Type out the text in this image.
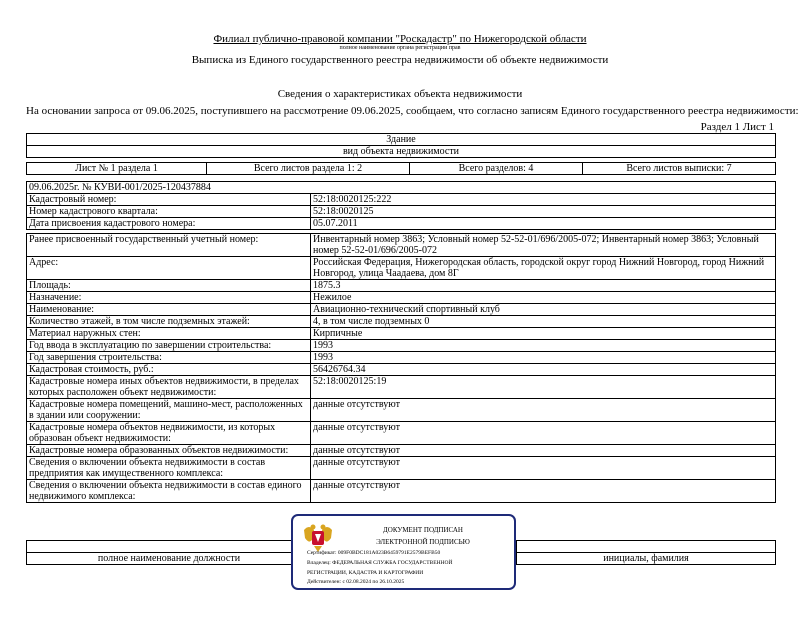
Филиал публично-правовой компании "Роскадастр" по Нижегородской области
полное наименование органа регистрации прав
Выписка из Единого государственного реестра недвижимости об объекте недвижимости
Сведения о характеристиках объекта недвижимости
На основании запроса от 09.06.2025, поступившего на рассмотрение 09.06.2025, сообщаем, что согласно записям Единого государственного реестра недвижимости:
Раздел 1 Лист 1
Здание
вид объекта недвижимости
Лист № 1 раздела 1	Всего листов раздела 1: 2	Всего разделов: 4	Всего листов выписки: 7
09.06.2025г. № КУВИ-001/2025-120437884	
Кадастровый номер:	52:18:0020125:222
Номер кадастрового квартала:	52:18:0020125
Дата присвоения кадастрового номера:	05.07.2011

Ранее присвоенный государственный учетный номер:	Инвентарный номер 3863; Условный номер 52-52-01/696/2005-072; Инвентарный номер 3863; Условный номер 52-52-01/696/2005-072
Адрес:	Российская Федерация, Нижегородская область, городской округ город Нижний Новгород, город Нижний Новгород, улица Чаадаева, дом 8Г
Площадь:	1875.3
Назначение:	Нежилое
Наименование:	Авиационно-технический спортивный клуб
Количество этажей, в том числе подземных этажей:	4, в том числе подземных 0
Материал наружных стен:	Кирпичные
Год ввода в эксплуатацию по завершении строительства:	1993
Год завершения строительства:	1993
Кадастровая стоимость, руб.:	56426764.34
Кадастровые номера иных объектов недвижимости, в пределах которых расположен объект недвижимости:	52:18:0020125:19
Кадастровые номера помещений, машино-мест, расположенных в здании или сооружении:	данные отсутствуют
Кадастровые номера объектов недвижимости, из которых образован объект недвижимости:	данные отсутствуют
Кадастровые номера образованных объектов недвижимости:	данные отсутствуют
Сведения о включении объекта недвижимости в состав предприятия как имущественного комплекса:	данные отсутствуют
Сведения о включении объекта недвижимости в состав единого недвижимого комплекса:	данные отсутствуют

полное наименование должности		инициалы, фамилия
ДОКУМЕНТ ПОДПИСАН
ЭЛЕКТРОННОЙ ПОДПИСЬЮ
Сертификат: 009F0BDC181A023B6459791E2579BEFB50
Владелец: ФЕДЕРАЛЬНАЯ СЛУЖБА ГОСУДАРСТВЕННОЙ
РЕГИСТРАЦИИ, КАДАСТРА И КАРТОГРАФИИ
Действителен: с 02.08.2024 по 26.10.2025
